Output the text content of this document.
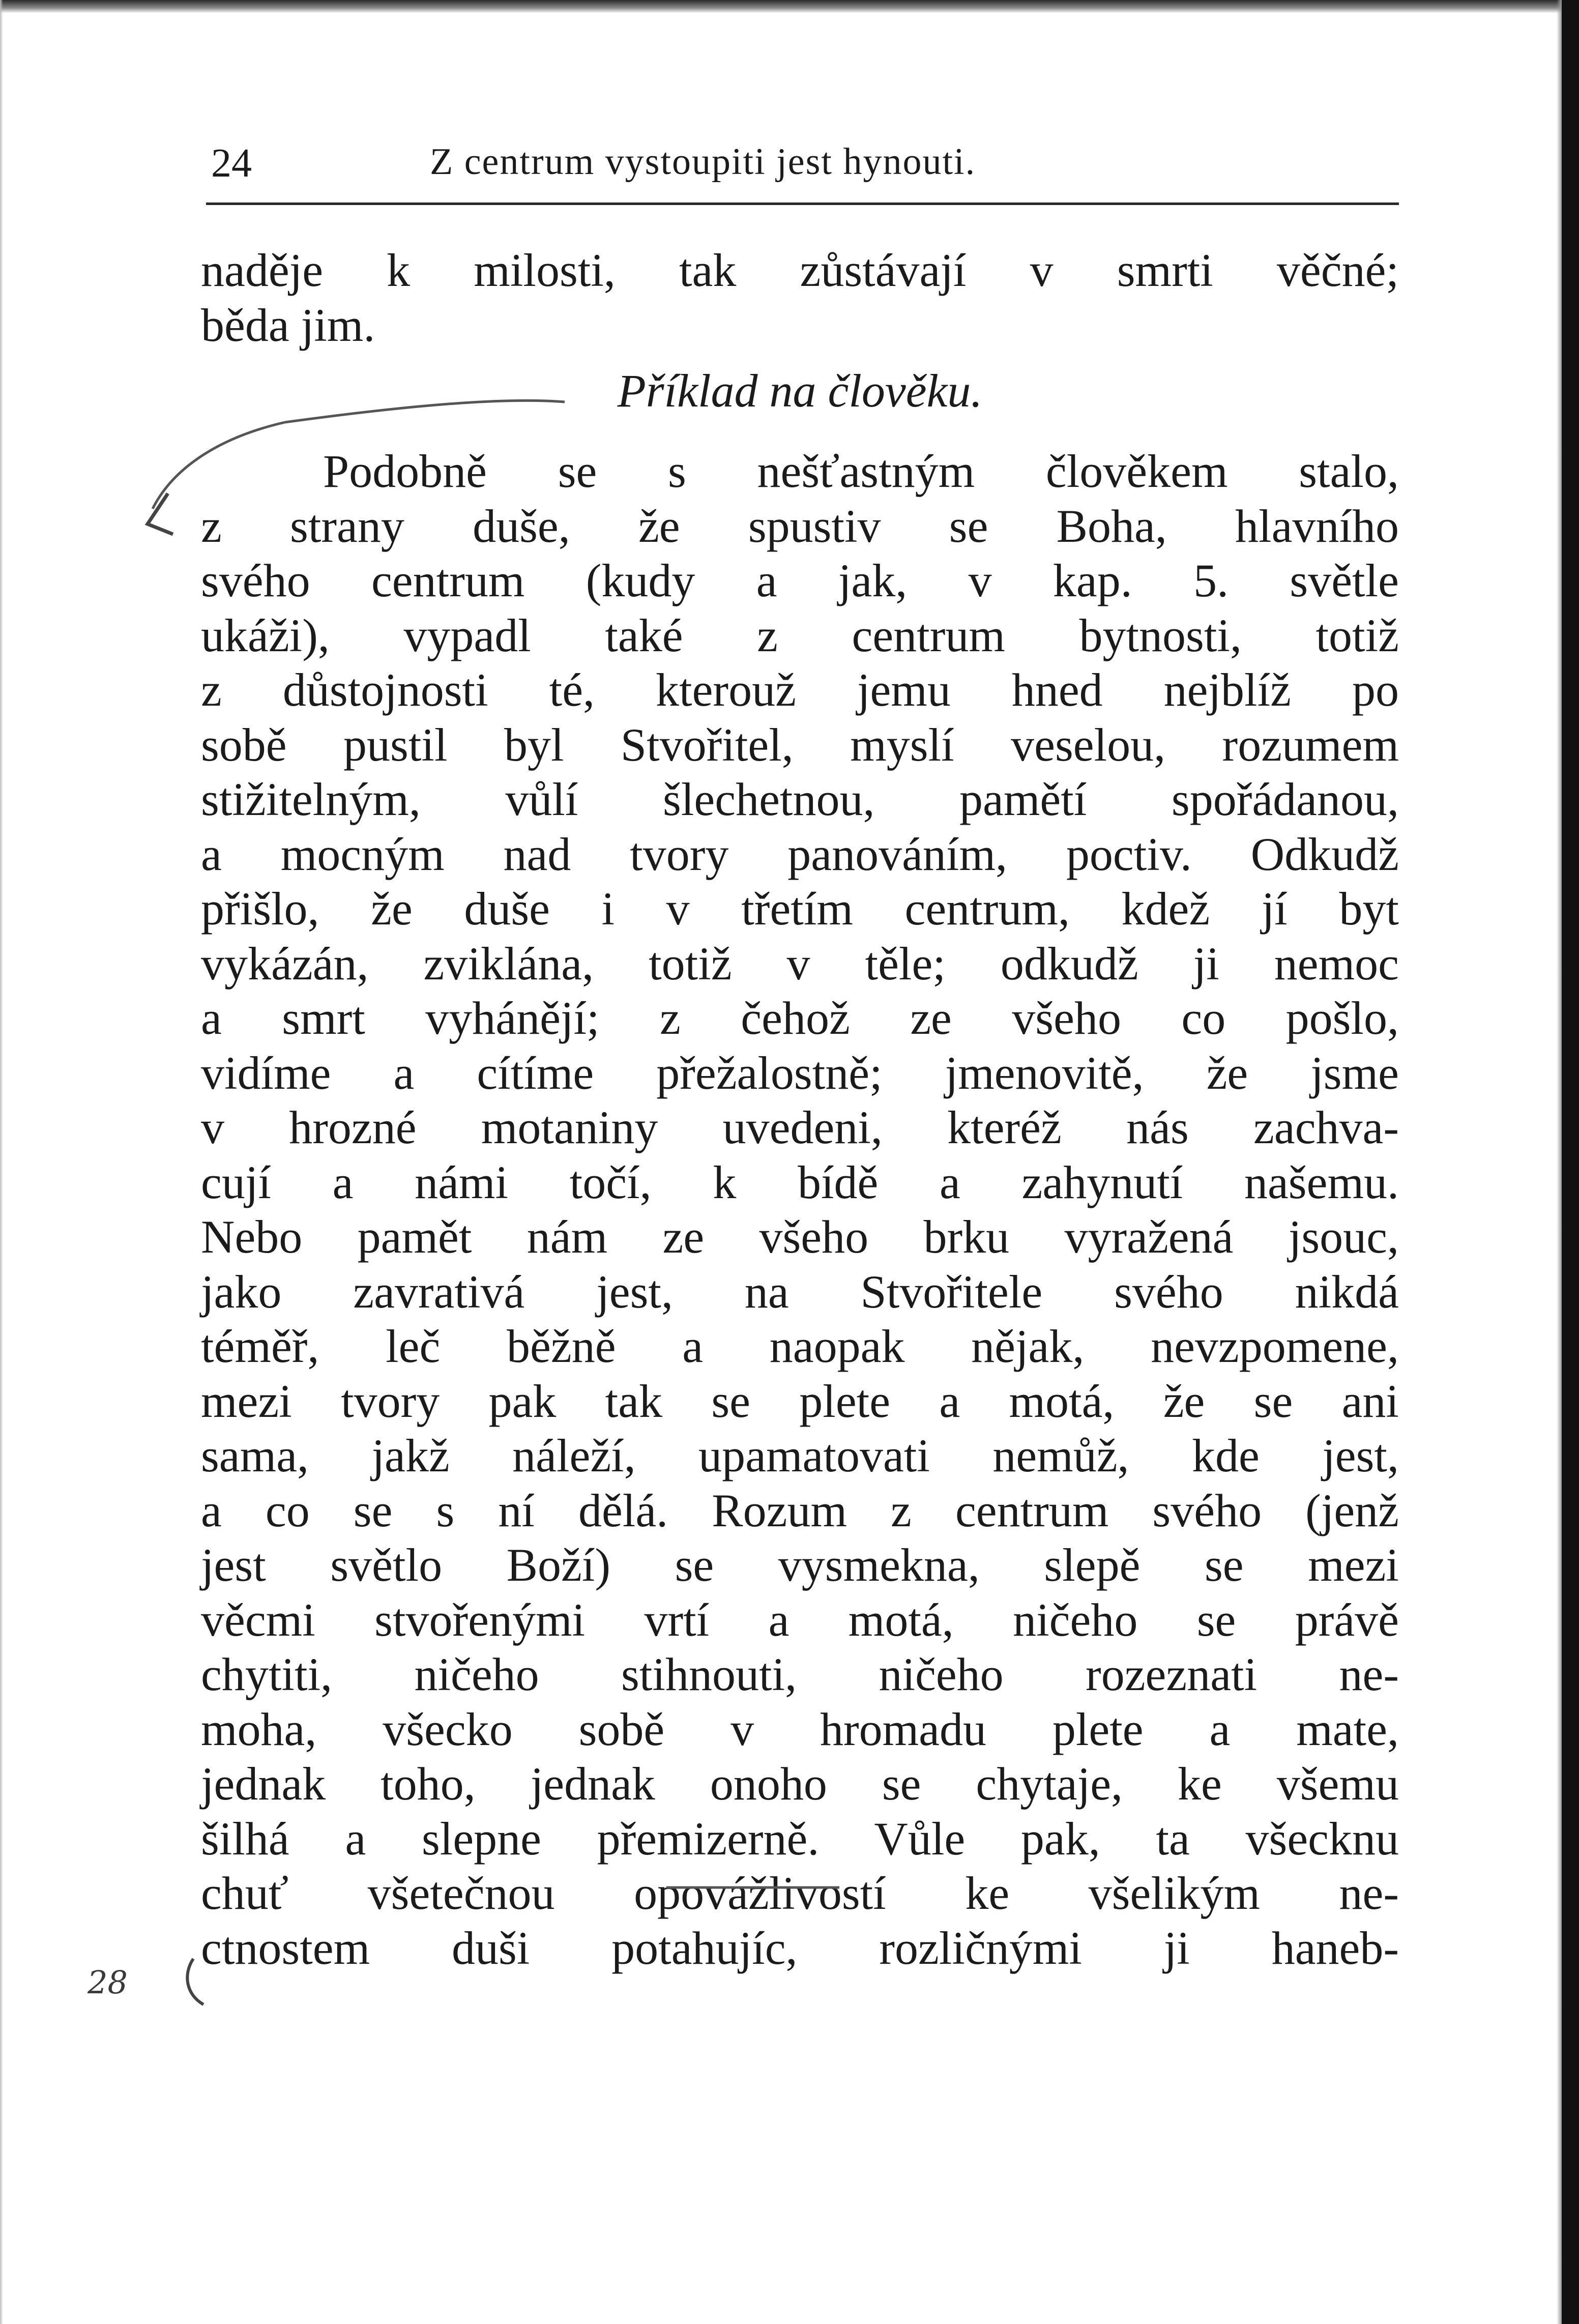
24	Z centrum vystoupiti jest hynouti.
naděje k milosti, tak zůstávají v smrti věčné;
běda jim.
Příklad na člověku.
Podobně se s nešťastným člověkem stalo,
z strany duše, že spustiv se Boha, hlavního
svého centrum (kudy a jak, v kap. 5. světle
ukáži), vypadl také z centrum bytnosti, totiž
z důstojnosti té, kterouž jemu hned nejblíž po
sobě pustil byl Stvořitel, myslí veselou, rozumem
stižitelným, vůlí šlechetnou, pamětí spořádanou,
a mocným nad tvory panováním, poctiv. Odkudž
přišlo, že duše i v třetím centrum, kdež jí byt
vykázán, zviklána, totiž v těle; odkudž ji nemoc
a smrt vyhánějí; z čehož ze všeho co pošlo,
vidíme a cítíme přežalostně; jmenovitě, že jsme
v hrozné motaniny uvedeni, kteréž nás zachva-
cují a námi točí, k bídě a zahynutí našemu.
Nebo pamět nám ze všeho brku vyražená jsouc,
jako zavrativá jest, na Stvořitele svého nikdá
téměř, leč běžně a naopak nějak, nevzpomene,
mezi tvory pak tak se plete a motá, že se ani
sama, jakž náleží, upamatovati nemůž, kde jest,
a co se s ní dělá. Rozum z centrum svého (jenž
jest světlo Boží) se vysmekna, slepě se mezi
věcmi stvořenými vrtí a motá, ničeho se právě
chytiti, ničeho stihnouti, ničeho rozeznati ne-
moha, všecko sobě v hromadu plete a mate,
jednak toho, jednak onoho se chytaje, ke všemu
šilhá a slepne přemizerně. Vůle pak, ta všecknu
chuť všetečnou opovážlivostí ke všelikým ne-
ctnostem duši potahujíc, rozličnými ji haneb-
28
